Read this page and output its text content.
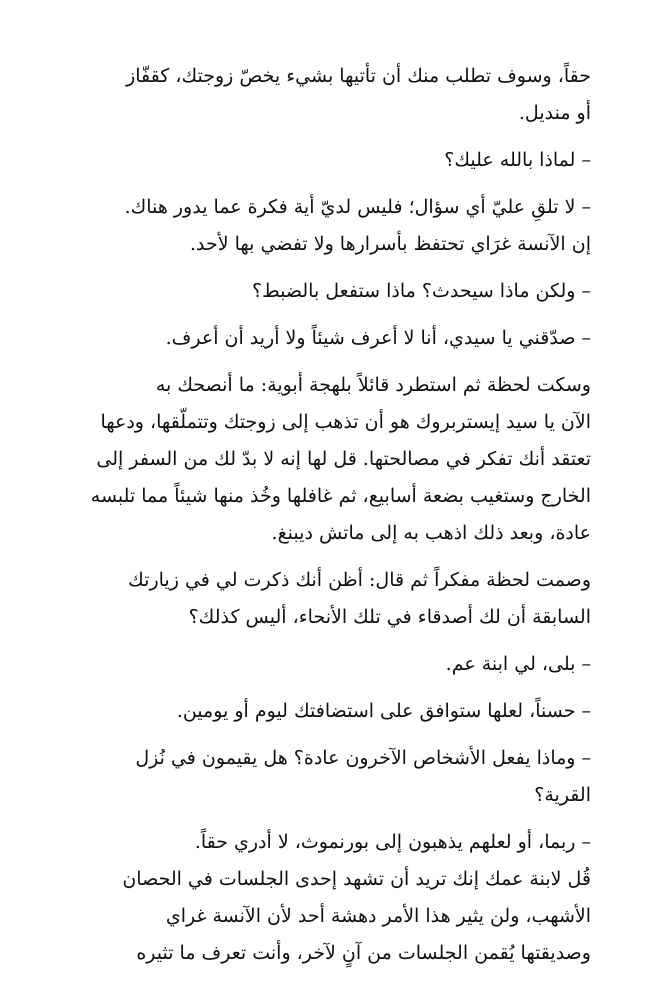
حقاً، وسوف تطلب منك أن تأتيها بشيء يخصّ زوجتك، كقفّاز
أو منديل.

– لماذا بالله عليك؟

– لا تلقِ عليّ أي سؤال؛ فليس لديّ أية فكرة عما يدور هناك.
إن الآنسة غرَاي تحتفظ بأسرارها ولا تفضي بها لأحد.

– ولكن ماذا سيحدث؟ ماذا ستفعل بالضبط؟

– صدّقني يا سيدي، أنا لا أعرف شيئاً ولا أريد أن أعرف.

وسكت لحظة ثم استطرد قائلاً بلهجة أبوية: ما أنصحك به
الآن يا سيد إيستربروك هو أن تذهب إلى زوجتك وتتملّقها، ودعها
تعتقد أنك تفكر في مصالحتها. قل لها إنه لا بدّ لك من السفر إلى
الخارج وستغيب بضعة أسابيع، ثم غافلها وخُذ منها شيئاً مما تلبسه
عادة، وبعد ذلك اذهب به إلى ماتش ديبنغ.

وصمت لحظة مفكراً ثم قال: أظن أنك ذكرت لي في زيارتك
السابقة أن لك أصدقاء في تلك الأنحاء، أليس كذلك؟

– بلى، لي ابنة عم.

– حسناً، لعلها ستوافق على استضافتك ليوم أو يومين.

– وماذا يفعل الأشخاص الآخرون عادة؟ هل يقيمون في نُزل
القرية؟

– ربما، أو لعلهم يذهبون إلى بورنموث، لا أدري حقاً.
قُل لابنة عمك إنك تريد أن تشهد إحدى الجلسات في الحصان
الأشهب، ولن يثير هذا الأمر دهشة أحد لأن الآنسة غراي
وصديقتها يُقمن الجلسات من آنٍ لآخر، وأنت تعرف ما تثيره
